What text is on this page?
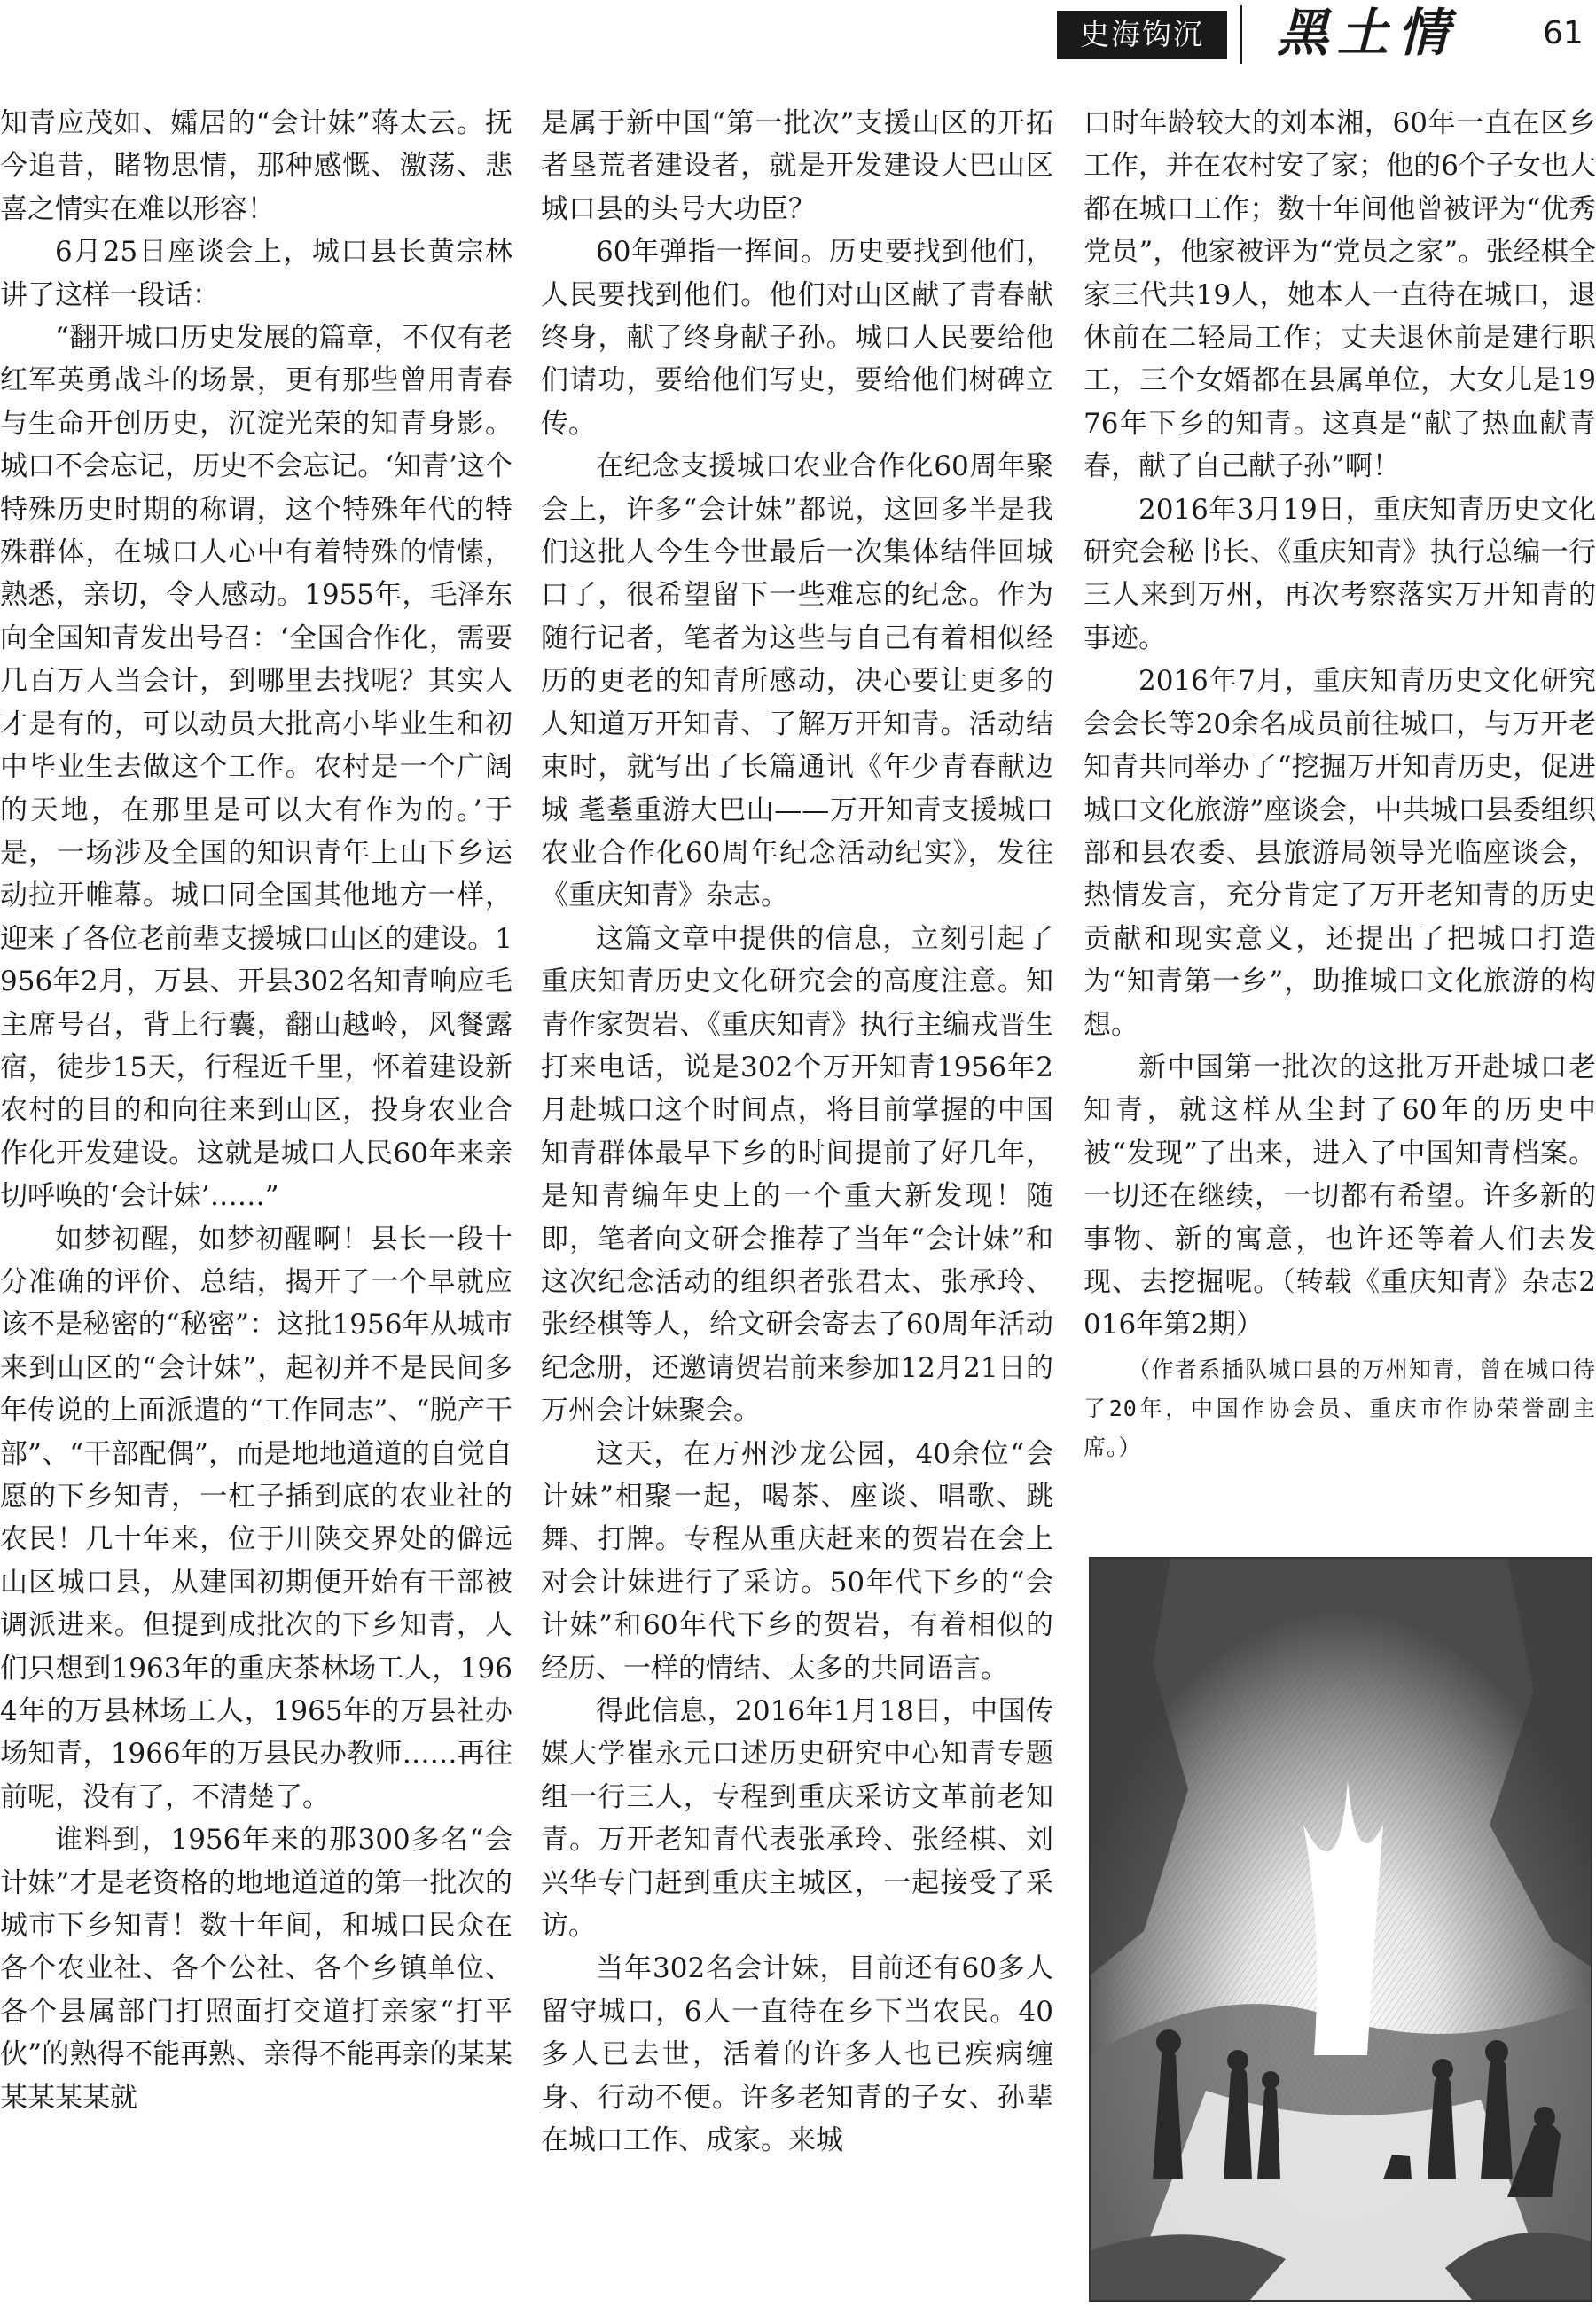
史海钩沉	黑土情	61

知青应茂如、孀居的“会计妹”蒋太云。抚今追昔，睹物思情，那种感慨、激荡、悲喜之情实在难以形容！

6月25日座谈会上，城口县长黄宗林讲了这样一段话：

“翻开城口历史发展的篇章，不仅有老红军英勇战斗的场景，更有那些曾用青春与生命开创历史，沉淀光荣的知青身影。城口不会忘记，历史不会忘记。‘知青’这个特殊历史时期的称谓，这个特殊年代的特殊群体，在城口人心中有着特殊的情愫，熟悉，亲切，令人感动。1955年，毛泽东向全国知青发出号召：‘全国合作化，需要几百万人当会计，到哪里去找呢？其实人才是有的，可以动员大批高小毕业生和初中毕业生去做这个工作。农村是一个广阔的天地，在那里是可以大有作为的。’于是，一场涉及全国的知识青年上山下乡运动拉开帷幕。城口同全国其他地方一样，迎来了各位老前辈支援城口山区的建设。1956年2月，万县、开县302名知青响应毛主席号召，背上行囊，翻山越岭，风餐露宿，徒步15天，行程近千里，怀着建设新农村的目的和向往来到山区，投身农业合作化开发建设。这就是城口人民60年来亲切呼唤的‘会计妹’……”

如梦初醒，如梦初醒啊！县长一段十分准确的评价、总结，揭开了一个早就应该不是秘密的“秘密”：这批1956年从城市来到山区的“会计妹”，起初并不是民间多年传说的上面派遣的“工作同志”、“脱产干部”、“干部配偶”，而是地地道道的自觉自愿的下乡知青，一杠子插到底的农业社的农民！几十年来，位于川陕交界处的僻远山区城口县，从建国初期便开始有干部被调派进来。但提到成批次的下乡知青，人们只想到1963年的重庆茶林场工人，1964年的万县林场工人，1965年的万县社办场知青，1966年的万县民办教师……再往前呢，没有了，不清楚了。

谁料到，1956年来的那300多名“会计妹”才是老资格的地地道道的第一批次的城市下乡知青！数十年间，和城口民众在各个农业社、各个公社、各个乡镇单位、各个县属部门打照面打交道打亲家“打平伙”的熟得不能再熟、亲得不能再亲的某某某某某某就

是属于新中国“第一批次”支援山区的开拓者垦荒者建设者，就是开发建设大巴山区城口县的头号大功臣？

60年弹指一挥间。历史要找到他们，人民要找到他们。他们对山区献了青春献终身，献了终身献子孙。城口人民要给他们请功，要给他们写史，要给他们树碑立传。

在纪念支援城口农业合作化60周年聚会上，许多“会计妹”都说，这回多半是我们这批人今生今世最后一次集体结伴回城口了，很希望留下一些难忘的纪念。作为随行记者，笔者为这些与自己有着相似经历的更老的知青所感动，决心要让更多的人知道万开知青、了解万开知青。活动结束时，就写出了长篇通讯《年少青春献边城 耄耋重游大巴山——万开知青支援城口农业合作化60周年纪念活动纪实》，发往《重庆知青》杂志。

这篇文章中提供的信息，立刻引起了重庆知青历史文化研究会的高度注意。知青作家贺岩、《重庆知青》执行主编戎晋生打来电话，说是302个万开知青1956年2月赴城口这个时间点，将目前掌握的中国知青群体最早下乡的时间提前了好几年，是知青编年史上的一个重大新发现！随即，笔者向文研会推荐了当年“会计妹”和这次纪念活动的组织者张君太、张承玲、张经棋等人，给文研会寄去了60周年活动纪念册，还邀请贺岩前来参加12月21日的万州会计妹聚会。

这天，在万州沙龙公园，40余位“会计妹”相聚一起，喝茶、座谈、唱歌、跳舞、打牌。专程从重庆赶来的贺岩在会上对会计妹进行了采访。50年代下乡的“会计妹”和60年代下乡的贺岩，有着相似的经历、一样的情结、太多的共同语言。

得此信息，2016年1月18日，中国传媒大学崔永元口述历史研究中心知青专题组一行三人，专程到重庆采访文革前老知青。万开老知青代表张承玲、张经棋、刘兴华专门赶到重庆主城区，一起接受了采访。

当年302名会计妹，目前还有60多人留守城口，6人一直待在乡下当农民。40多人已去世，活着的许多人也已疾病缠身、行动不便。许多老知青的子女、孙辈在城口工作、成家。来城

口时年龄较大的刘本湘，60年一直在区乡工作，并在农村安了家；他的6个子女也大都在城口工作；数十年间他曾被评为“优秀党员”，他家被评为“党员之家”。张经棋全家三代共19人，她本人一直待在城口，退休前在二轻局工作；丈夫退休前是建行职工，三个女婿都在县属单位，大女儿是1976年下乡的知青。这真是“献了热血献青春，献了自己献子孙”啊！

2016年3月19日，重庆知青历史文化研究会秘书长、《重庆知青》执行总编一行三人来到万州，再次考察落实万开知青的事迹。

2016年7月，重庆知青历史文化研究会会长等20余名成员前往城口，与万开老知青共同举办了“挖掘万开知青历史，促进城口文化旅游”座谈会，中共城口县委组织部和县农委、县旅游局领导光临座谈会，热情发言，充分肯定了万开老知青的历史贡献和现实意义，还提出了把城口打造为“知青第一乡”，助推城口文化旅游的构想。

新中国第一批次的这批万开赴城口老知青，就这样从尘封了60年的历史中被“发现”了出来，进入了中国知青档案。一切还在继续，一切都有希望。许多新的事物、新的寓意，也许还等着人们去发现、去挖掘呢。（转载《重庆知青》杂志2016年第2期）

（作者系插队城口县的万州知青，曾在城口待了20年，中国作协会员、重庆市作协荣誉副主席。）
